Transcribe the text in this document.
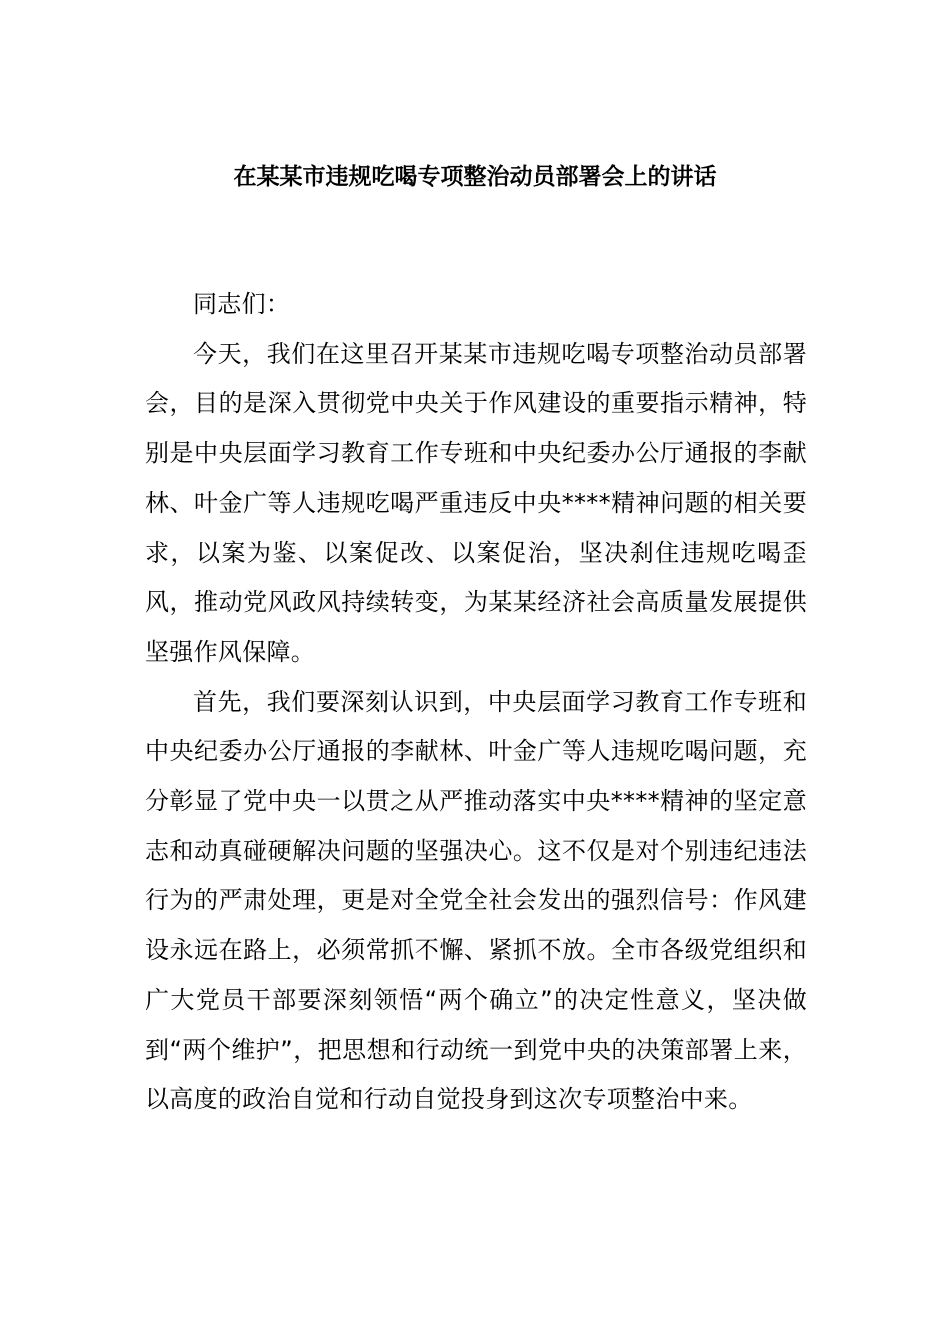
在某某市违规吃喝专项整治动员部署会上的讲话

同志们：

今天，我们在这里召开某某市违规吃喝专项整治动员部署会，目的是深入贯彻党中央关于作风建设的重要指示精神，特别是中央层面学习教育工作专班和中央纪委办公厅通报的李献林、叶金广等人违规吃喝严重违反中央****精神问题的相关要求，以案为鉴、以案促改、以案促治，坚决刹住违规吃喝歪风，推动党风政风持续转变，为某某经济社会高质量发展提供坚强作风保障。

首先，我们要深刻认识到，中央层面学习教育工作专班和中央纪委办公厅通报的李献林、叶金广等人违规吃喝问题，充分彰显了党中央一以贯之从严推动落实中央****精神的坚定意志和动真碰硬解决问题的坚强决心。这不仅是对个别违纪违法行为的严肃处理，更是对全党全社会发出的强烈信号：作风建设永远在路上，必须常抓不懈、紧抓不放。全市各级党组织和广大党员干部要深刻领悟“两个确立”的决定性意义，坚决做到“两个维护”，把思想和行动统一到党中央的决策部署上来，以高度的政治自觉和行动自觉投身到这次专项整治中来。
